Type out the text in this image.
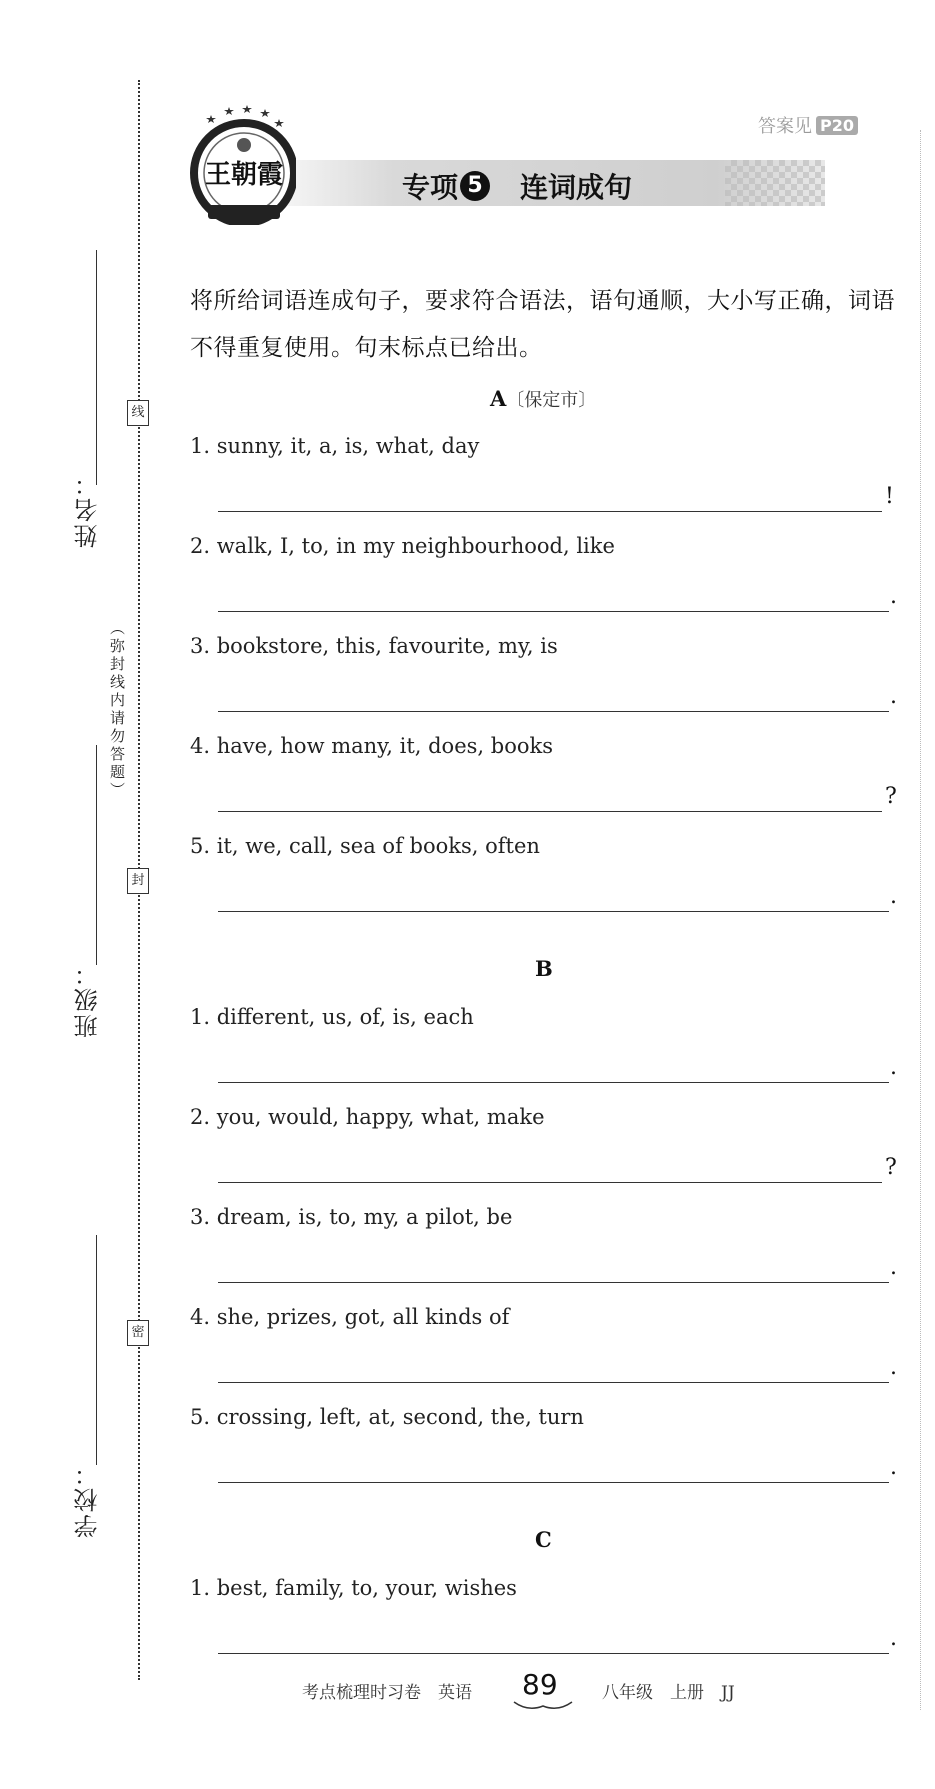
线
封
密
（弥封线内请勿答题）
姓名：
班级：
学校：
答案见 P20
王朝霞	专项 5 连词成句
将所给词语连成句子，要求符合语法，语句通顺，大小写正确，词语不得重复使用。句末标点已给出。
A〔保定市〕
1. sunny, it, a, is, what, day
!
2. walk, I, to, in my neighbourhood, like
.
3. bookstore, this, favourite, my, is
.
4. have, how many, it, does, books
?
5. it, we, call, sea of books, often
.
B
1. different, us, of, is, each
.
2. you, would, happy, what, make
?
3. dream, is, to, my, a pilot, be
.
4. she, prizes, got, all kinds of
.
5. crossing, left, at, second, the, turn
.
C
1. best, family, to, your, wishes
.
考点梳理时习卷　英语 89	八年级　上册　JJ
